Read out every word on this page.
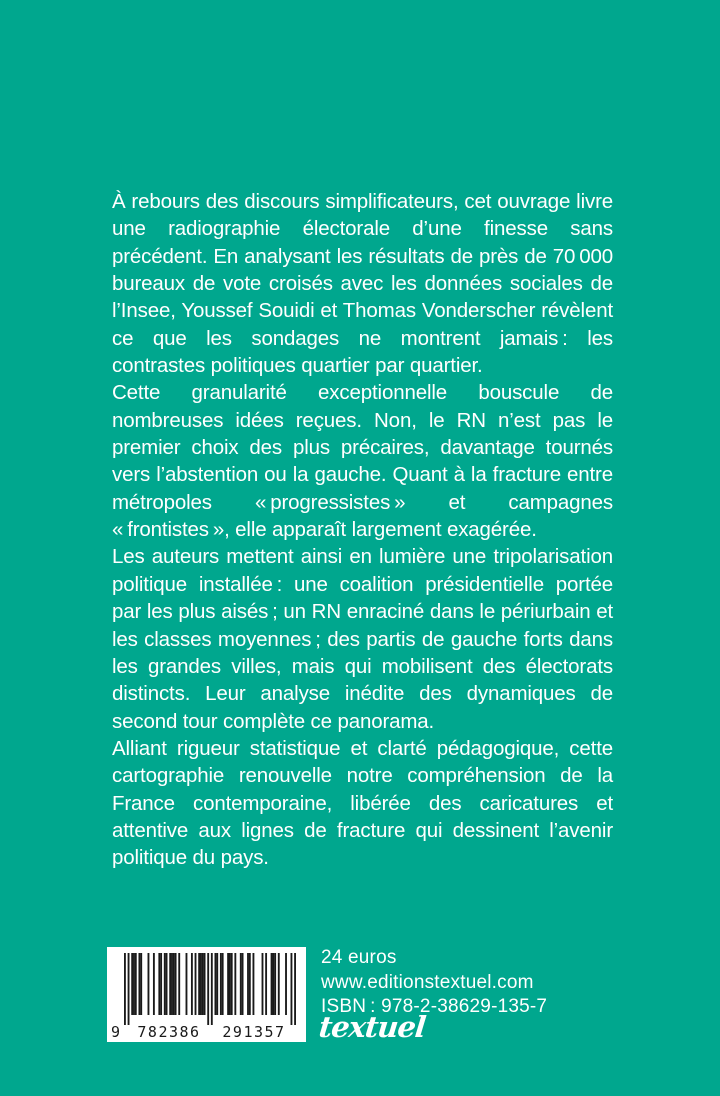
À rebours des discours simplificateurs, cet ouvrage livre une radiographie électorale d’une finesse sans précédent. En analysant les résultats de près de 70 000 bureaux de vote croisés avec les données sociales de l’Insee, Youssef Souidi et Thomas Vonderscher révèlent ce que les sondages ne montrent jamais : les contrastes politiques quartier par quartier.

Cette granularité exceptionnelle bouscule de nombreuses idées reçues. Non, le RN n’est pas le premier choix des plus précaires, davantage tournés vers l’abstention ou la gauche. Quant à la fracture entre métropoles « progressistes » et campagnes « frontistes », elle apparaît largement exagérée.

Les auteurs mettent ainsi en lumière une tripolarisation politique installée : une coalition présidentielle portée par les plus aisés ; un RN enraciné dans le périurbain et les classes moyennes ; des partis de gauche forts dans les grandes villes, mais qui mobilisent des électorats distincts. Leur analyse inédite des dynamiques de second tour complète ce panorama.

Alliant rigueur statistique et clarté pédagogique, cette cartographie renouvelle notre compréhension de la France contemporaine, libérée des caricatures et attentive aux lignes de fracture qui dessinent l’avenir politique du pays.

9 782386 291357
24 euros
www.editionstextuel.com
ISBN : 978-2-38629-135-7
textuel
